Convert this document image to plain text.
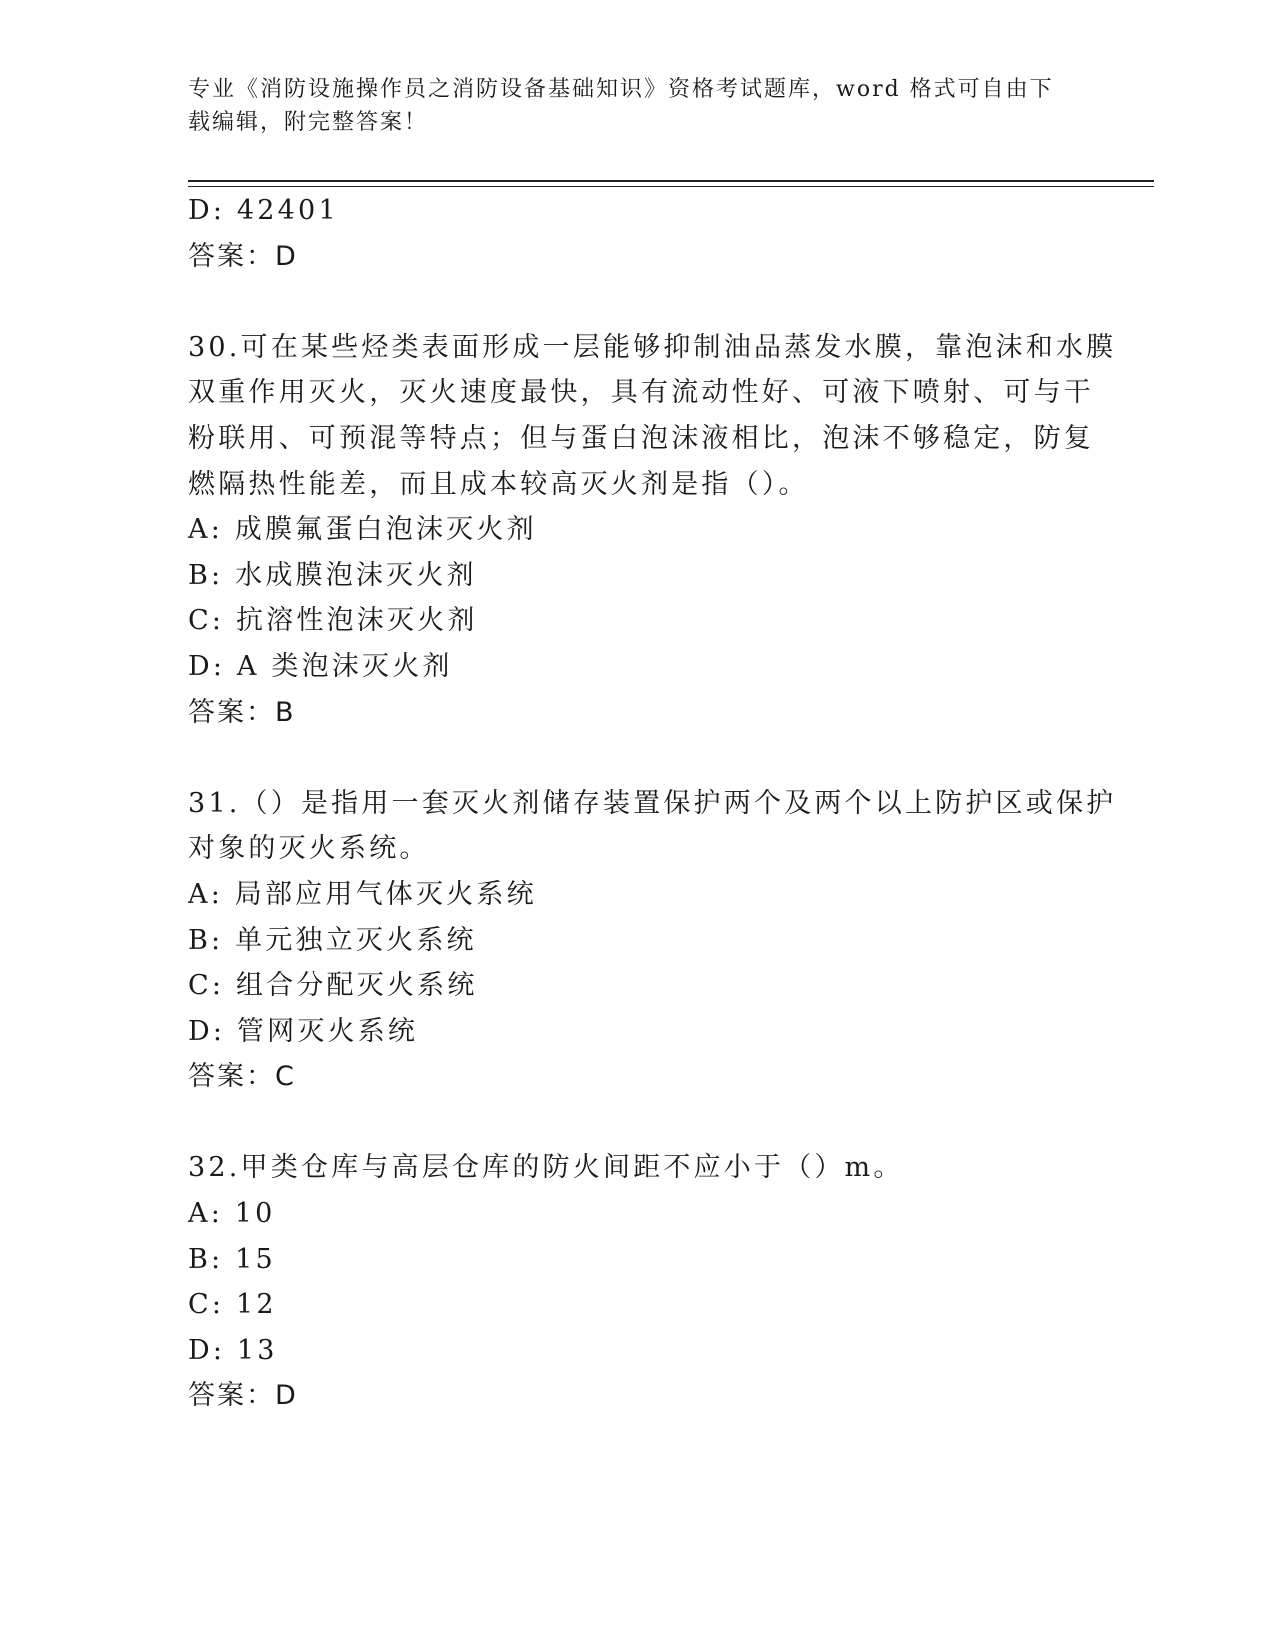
专业《消防设施操作员之消防设备基础知识》资格考试题库，word 格式可自由下
载编辑，附完整答案！
D: 42401
答案：D
30.可在某些烃类表面形成一层能够抑制油品蒸发水膜，靠泡沫和水膜
双重作用灭火，灭火速度最快，具有流动性好、可液下喷射、可与干
粉联用、可预混等特点；但与蛋白泡沫液相比，泡沫不够稳定，防复
燃隔热性能差，而且成本较高灭火剂是指（）。
A: 成膜氟蛋白泡沫灭火剂
B: 水成膜泡沫灭火剂
C: 抗溶性泡沫灭火剂
D: A 类泡沫灭火剂
答案：B
31.（）是指用一套灭火剂储存装置保护两个及两个以上防护区或保护
对象的灭火系统。
A: 局部应用气体灭火系统
B: 单元独立灭火系统
C: 组合分配灭火系统
D: 管网灭火系统
答案：C
32.甲类仓库与高层仓库的防火间距不应小于（）m。
A: 10
B: 15
C: 12
D: 13
答案：D
